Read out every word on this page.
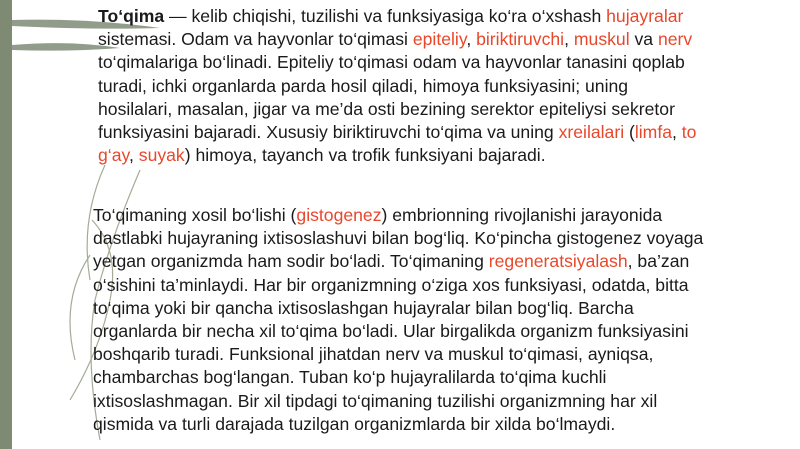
To‘qima — kelib chiqishi, tuzilishi va funksiyasiga ko‘ra o‘xshash hujayralar
sistemasi. Odam va hayvonlar to‘qimasi epiteliy, biriktiruvchi, muskul va nerv
to‘qimalariga bo‘linadi. Epiteliy to‘qimasi odam va hayvonlar tanasini qoplab
turadi, ichki organlarda parda hosil qiladi, himoya funksiyasini; uning
hosilalari, masalan, jigar va me’da osti bezining serektor epiteliysi sekretor
funksiyasini bajaradi. Xususiy biriktiruvchi to‘qima va uning xreilalari (limfa, to
g‘ay, suyak) himoya, tayanch va trofik funksiyani bajaradi.
To‘qimaning xosil bo‘lishi (gistogenez) embrionning rivojlanishi jarayonida
dastlabki hujayraning ixtisoslashuvi bilan bog‘liq. Ko‘pincha gistogenez voyaga
yetgan organizmda ham sodir bo‘ladi. To‘qimaning regeneratsiyalash, ba’zan
o‘sishini ta’minlaydi. Har bir organizmning o‘ziga xos funksiyasi, odatda, bitta
to‘qima yoki bir qancha ixtisoslashgan hujayralar bilan bog‘liq. Barcha
organlarda bir necha xil to‘qima bo‘ladi. Ular birgalikda organizm funksiyasini
boshqarib turadi. Funksional jihatdan nerv va muskul to‘qimasi, ayniqsa,
chambarchas bog‘langan. Tuban ko‘p hujayralilarda to‘qima kuchli
ixtisoslashmagan. Bir xil tipdagi to‘qimaning tuzilishi organizmning har xil
qismida va turli darajada tuzilgan organizmlarda bir xilda bo‘lmaydi.
